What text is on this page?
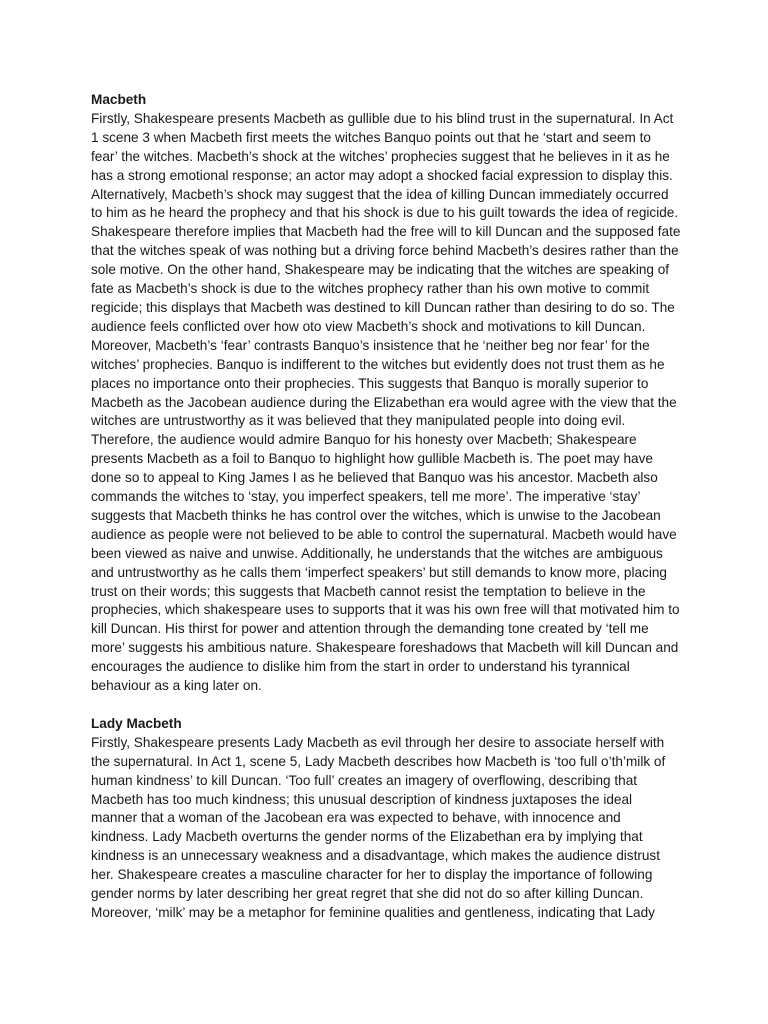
Macbeth
Firstly, Shakespeare presents Macbeth as gullible due to his blind trust in the supernatural. In Act 1 scene 3 when Macbeth first meets the witches Banquo points out that he ‘start and seem to fear’ the witches. Macbeth’s shock at the witches’ prophecies suggest that he believes in it as he has a strong emotional response; an actor may adopt a shocked facial expression to display this. Alternatively, Macbeth’s shock may suggest that the idea of killing Duncan immediately occurred to him as he heard the prophecy and that his shock is due to his guilt towards the idea of regicide. Shakespeare therefore implies that Macbeth had the free will to kill Duncan and the supposed fate that the witches speak of was nothing but a driving force behind Macbeth’s desires rather than the sole motive. On the other hand, Shakespeare may be indicating that the witches are speaking of fate as Macbeth’s shock is due to the witches prophecy rather than his own motive to commit regicide; this displays that Macbeth was destined to kill Duncan rather than desiring to do so. The audience feels conflicted over how oto view Macbeth’s shock and motivations to kill Duncan. Moreover, Macbeth’s ‘fear’ contrasts Banquo’s insistence that he ‘neither beg nor fear’ for the witches’ prophecies. Banquo is indifferent to the witches but evidently does not trust them as he places no importance onto their prophecies. This suggests that Banquo is morally superior to Macbeth as the Jacobean audience during the Elizabethan era would agree with the view that the witches are untrustworthy as it was believed that they manipulated people into doing evil. Therefore, the audience would admire Banquo for his honesty over Macbeth; Shakespeare presents Macbeth as a foil to Banquo to highlight how gullible Macbeth is. The poet may have done so to appeal to King James I as he believed that Banquo was his ancestor. Macbeth also commands the witches to ‘stay, you imperfect speakers, tell me more’. The imperative ‘stay’ suggests that Macbeth thinks he has control over the witches, which is unwise to the Jacobean audience as people were not believed to be able to control the supernatural. Macbeth would have been viewed as naive and unwise. Additionally, he understands that the witches are ambiguous and untrustworthy as he calls them ‘imperfect speakers’ but still demands to know more, placing trust on their words; this suggests that Macbeth cannot resist the temptation to believe in the prophecies, which shakespeare uses to supports that it was his own free will that motivated him to kill Duncan. His thirst for power and attention through the demanding tone created by ‘tell me more’ suggests his ambitious nature. Shakespeare foreshadows that Macbeth will kill Duncan and encourages the audience to dislike him from the start in order to understand his tyrannical behaviour as a king later on.
Lady Macbeth
Firstly, Shakespeare presents Lady Macbeth as evil through her desire to associate herself with the supernatural. In Act 1, scene 5, Lady Macbeth describes how Macbeth is ‘too full o’th’milk of human kindness’ to kill Duncan. ‘Too full’ creates an imagery of overflowing, describing that Macbeth has too much kindness; this unusual description of kindness juxtaposes the ideal manner that a woman of the Jacobean era was expected to behave, with innocence and kindness. Lady Macbeth overturns the gender norms of the Elizabethan era by implying that kindness is an unnecessary weakness and a disadvantage, which makes the audience distrust her. Shakespeare creates a masculine character for her to display the importance of following gender norms by later describing her great regret that she did not do so after killing Duncan. Moreover, ‘milk’ may be a metaphor for feminine qualities and gentleness, indicating that Lady
